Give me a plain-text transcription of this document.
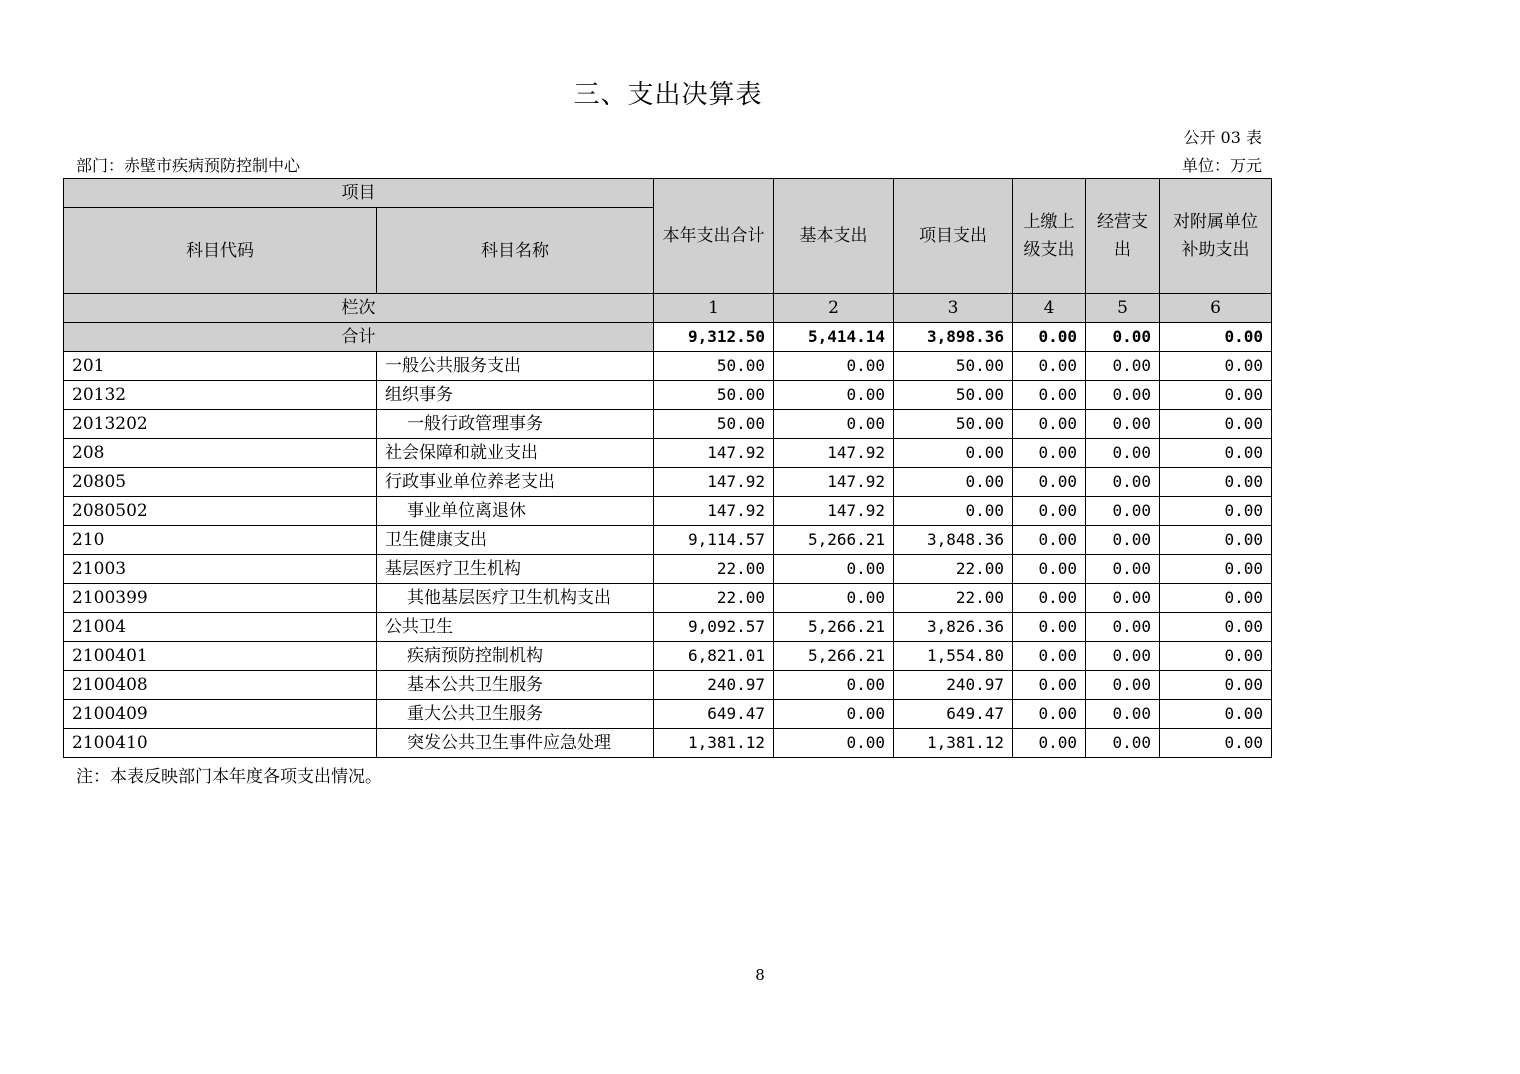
三、支出决算表
公开 03 表
部门：赤壁市疾病预防控制中心	单位：万元
项目		本年支出合计	基本支出	项目支出	上缴上级支出	经营支出	对附属单位补助支出
科目代码	科目名称						
栏次		1	2	3	4	5	6
合计		9,312.50	5,414.14	3,898.36	0.00	0.00	0.00
201	一般公共服务支出	50.00	0.00	50.00	0.00	0.00	0.00
20132	组织事务	50.00	0.00	50.00	0.00	0.00	0.00
2013202	一般行政管理事务	50.00	0.00	50.00	0.00	0.00	0.00
208	社会保障和就业支出	147.92	147.92	0.00	0.00	0.00	0.00
20805	行政事业单位养老支出	147.92	147.92	0.00	0.00	0.00	0.00
2080502	事业单位离退休	147.92	147.92	0.00	0.00	0.00	0.00
210	卫生健康支出	9,114.57	5,266.21	3,848.36	0.00	0.00	0.00
21003	基层医疗卫生机构	22.00	0.00	22.00	0.00	0.00	0.00
2100399	其他基层医疗卫生机构支出	22.00	0.00	22.00	0.00	0.00	0.00
21004	公共卫生	9,092.57	5,266.21	3,826.36	0.00	0.00	0.00
2100401	疾病预防控制机构	6,821.01	5,266.21	1,554.80	0.00	0.00	0.00
2100408	基本公共卫生服务	240.97	0.00	240.97	0.00	0.00	0.00
2100409	重大公共卫生服务	649.47	0.00	649.47	0.00	0.00	0.00
2100410	突发公共卫生事件应急处理	1,381.12	0.00	1,381.12	0.00	0.00	0.00
注：本表反映部门本年度各项支出情况。
8
